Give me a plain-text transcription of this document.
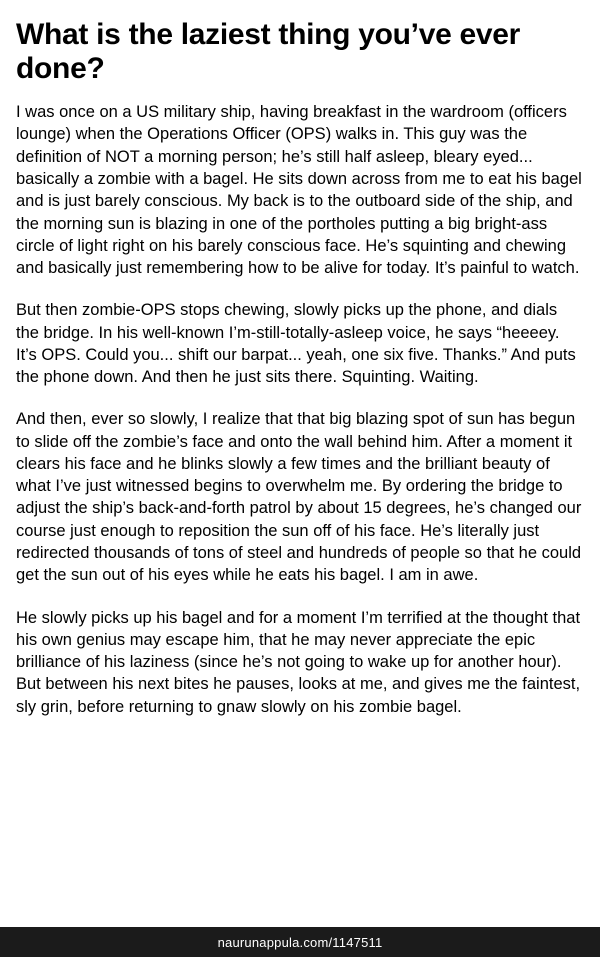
What is the laziest thing you’ve ever done?

I was once on a US military ship, having breakfast in the wardroom (officers lounge) when the Operations Officer (OPS) walks in. This guy was the definition of NOT a morning person; he’s still half asleep, bleary eyed... basically a zombie with a bagel. He sits down across from me to eat his bagel and is just barely conscious. My back is to the outboard side of the ship, and the morning sun is blazing in one of the portholes putting a big bright-ass circle of light right on his barely conscious face. He’s squinting and chewing and basically just remembering how to be alive for today. It’s painful to watch.

But then zombie-OPS stops chewing, slowly picks up the phone, and dials the bridge. In his well-known I’m-still-totally-asleep voice, he says “heeeey. It’s OPS. Could you... shift our barpat... yeah, one six five. Thanks.” And puts the phone down. And then he just sits there. Squinting. Waiting.

And then, ever so slowly, I realize that that big blazing spot of sun has begun to slide off the zombie’s face and onto the wall behind him. After a moment it clears his face and he blinks slowly a few times and the brilliant beauty of what I’ve just witnessed begins to overwhelm me. By ordering the bridge to adjust the ship’s back-and-forth patrol by about 15 degrees, he’s changed our course just enough to reposition the sun off of his face. He’s literally just redirected thousands of tons of steel and hundreds of people so that he could get the sun out of his eyes while he eats his bagel. I am in awe.

He slowly picks up his bagel and for a moment I’m terrified at the thought that his own genius may escape him, that he may never appreciate the epic brilliance of his laziness (since he’s not going to wake up for another hour). But between his next bites he pauses, looks at me, and gives me the faintest, sly grin, before returning to gnaw slowly on his zombie bagel.

naurunappula.com/1147511
